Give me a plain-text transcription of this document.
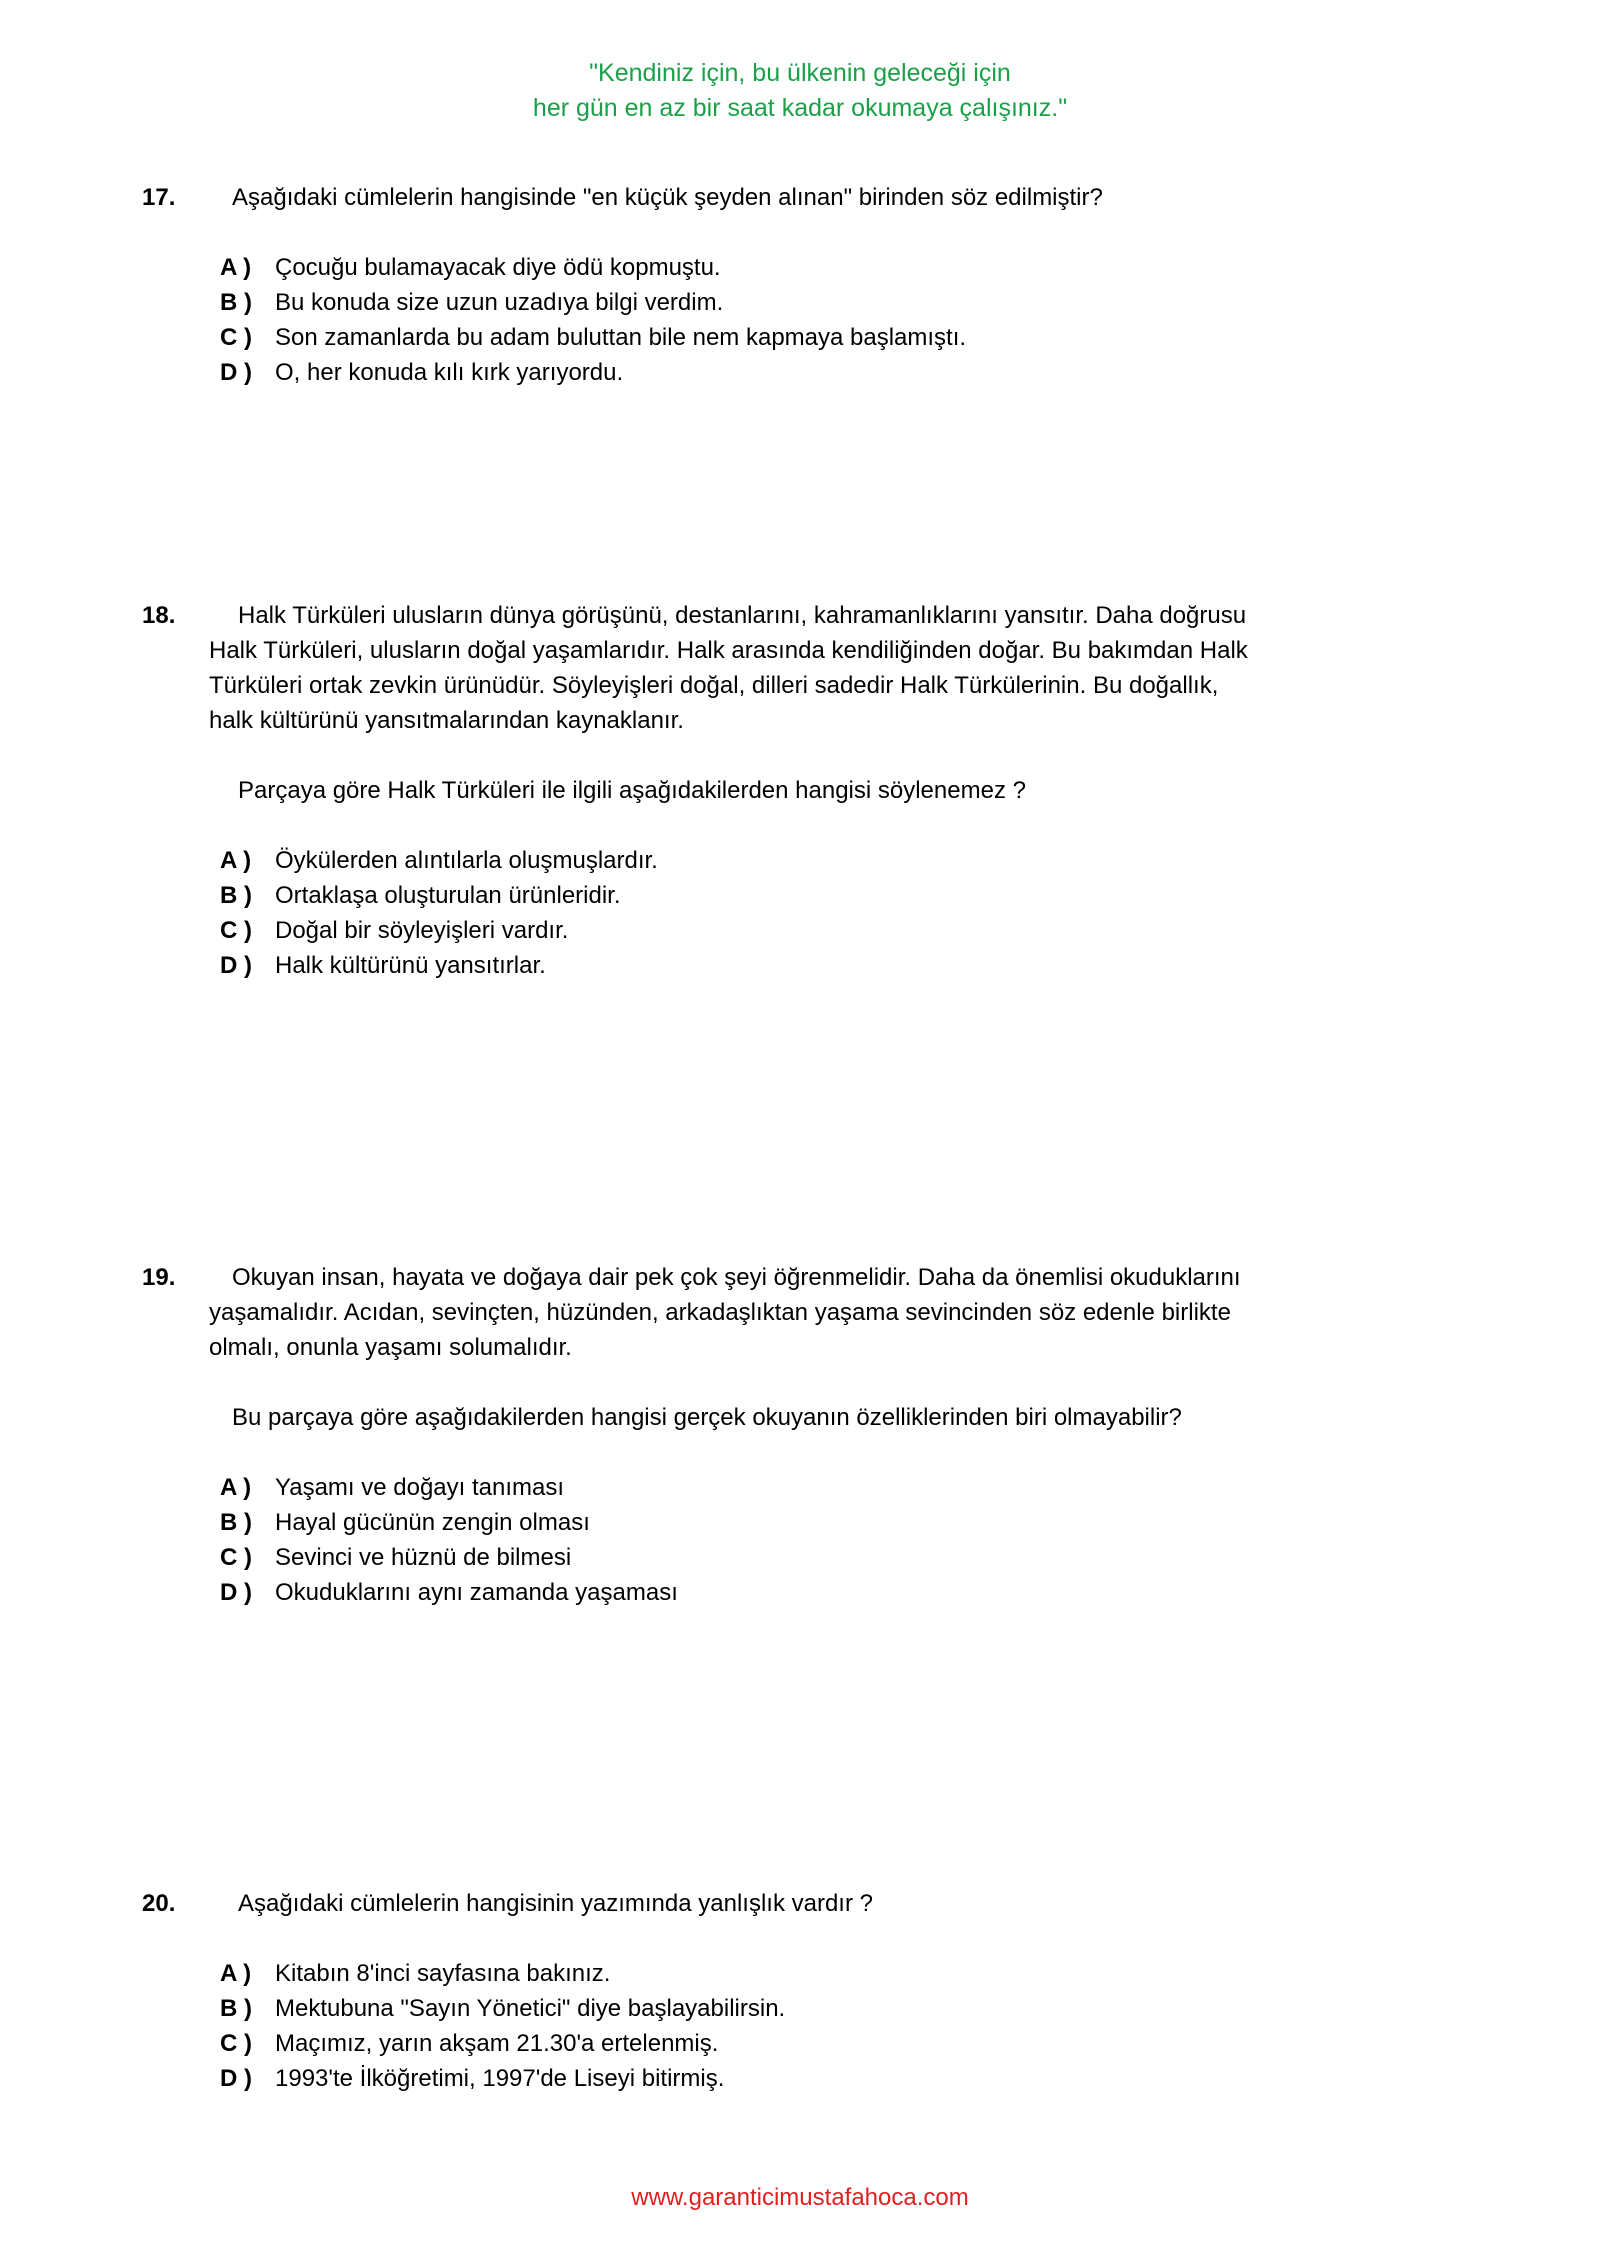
"Kendiniz için, bu ülkenin geleceği için
her gün en az bir saat kadar okumaya çalışınız."
17. Aşağıdaki cümlelerin hangisinde "en küçük şeyden alınan" birinden söz edilmiştir?
A ) Çocuğu bulamayacak diye ödü kopmuştu.
B ) Bu konuda size uzun uzadıya bilgi verdim.
C ) Son zamanlarda bu adam buluttan bile nem kapmaya başlamıştı.
D ) O, her konuda kılı kırk yarıyordu.
18.	Halk Türküleri ulusların dünya görüşünü, destanlarını, kahramanlıklarını yansıtır. Daha doğrusu
Halk Türküleri, ulusların doğal yaşamlarıdır. Halk arasında kendiliğinden doğar. Bu bakımdan Halk
Türküleri ortak zevkin ürünüdür. Söyleyişleri doğal, dilleri sadedir Halk Türkülerinin. Bu doğallık,
halk kültürünü yansıtmalarından kaynaklanır.
Parçaya göre Halk Türküleri ile ilgili aşağıdakilerden hangisi söylenemez ?
A ) Öykülerden alıntılarla oluşmuşlardır.
B ) Ortaklaşa oluşturulan ürünleridir.
C ) Doğal bir söyleyişleri vardır.
D ) Halk kültürünü yansıtırlar.
19. Okuyan insan, hayata ve doğaya dair pek çok şeyi öğrenmelidir. Daha da önemlisi okuduklarını
yaşamalıdır. Acıdan, sevinçten, hüzünden, arkadaşlıktan yaşama sevincinden söz edenle birlikte
olmalı, onunla yaşamı solumalıdır.
Bu parçaya göre aşağıdakilerden hangisi gerçek okuyanın özelliklerinden biri olmayabilir?
A ) Yaşamı ve doğayı tanıması
B ) Hayal gücünün zengin olması
C ) Sevinci ve hüznü de bilmesi
D ) Okuduklarını aynı zamanda yaşaması
20.	Aşağıdaki cümlelerin hangisinin yazımında yanlışlık vardır ?
A ) Kitabın 8'inci sayfasına bakınız.
B ) Mektubuna "Sayın Yönetici" diye başlayabilirsin.
C ) Maçımız, yarın akşam 21.30'a ertelenmiş.
D ) 1993'te İlköğretimi, 1997'de Liseyi bitirmiş.
www.garanticimustafahoca.com
